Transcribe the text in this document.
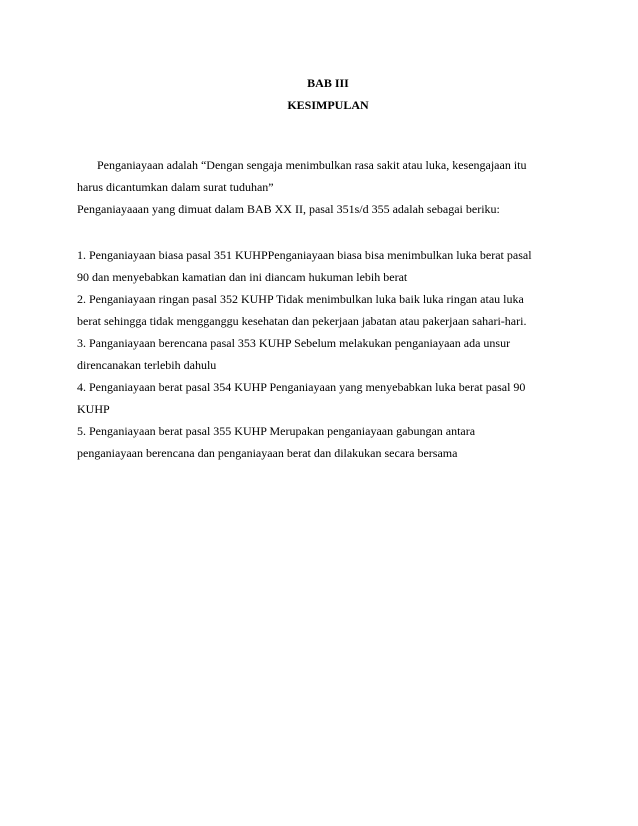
BAB III
KESIMPULAN
Penganiayaan adalah “Dengan sengaja menimbulkan rasa sakit atau luka, kesengajaan itu
harus dicantumkan dalam surat tuduhan”
Penganiayaaan yang dimuat dalam BAB XX II, pasal 351s/d 355 adalah sebagai beriku:
1. Penganiayaan biasa pasal 351 KUHPPenganiayaan biasa bisa menimbulkan luka berat pasal
90 dan menyebabkan kamatian dan ini diancam hukuman lebih berat
2. Penganiayaan ringan pasal 352 KUHP Tidak menimbulkan luka baik luka ringan atau luka
berat sehingga tidak mengganggu kesehatan dan pekerjaan jabatan atau pakerjaan sahari-hari.
3. Panganiayaan berencana pasal 353 KUHP Sebelum melakukan penganiayaan ada unsur
direncanakan terlebih dahulu
4. Penganiayaan berat pasal 354 KUHP Penganiayaan yang menyebabkan luka berat pasal 90
KUHP
5. Penganiayaan berat pasal 355 KUHP Merupakan penganiayaan gabungan antara
penganiayaan berencana dan penganiayaan berat dan dilakukan secara bersama
